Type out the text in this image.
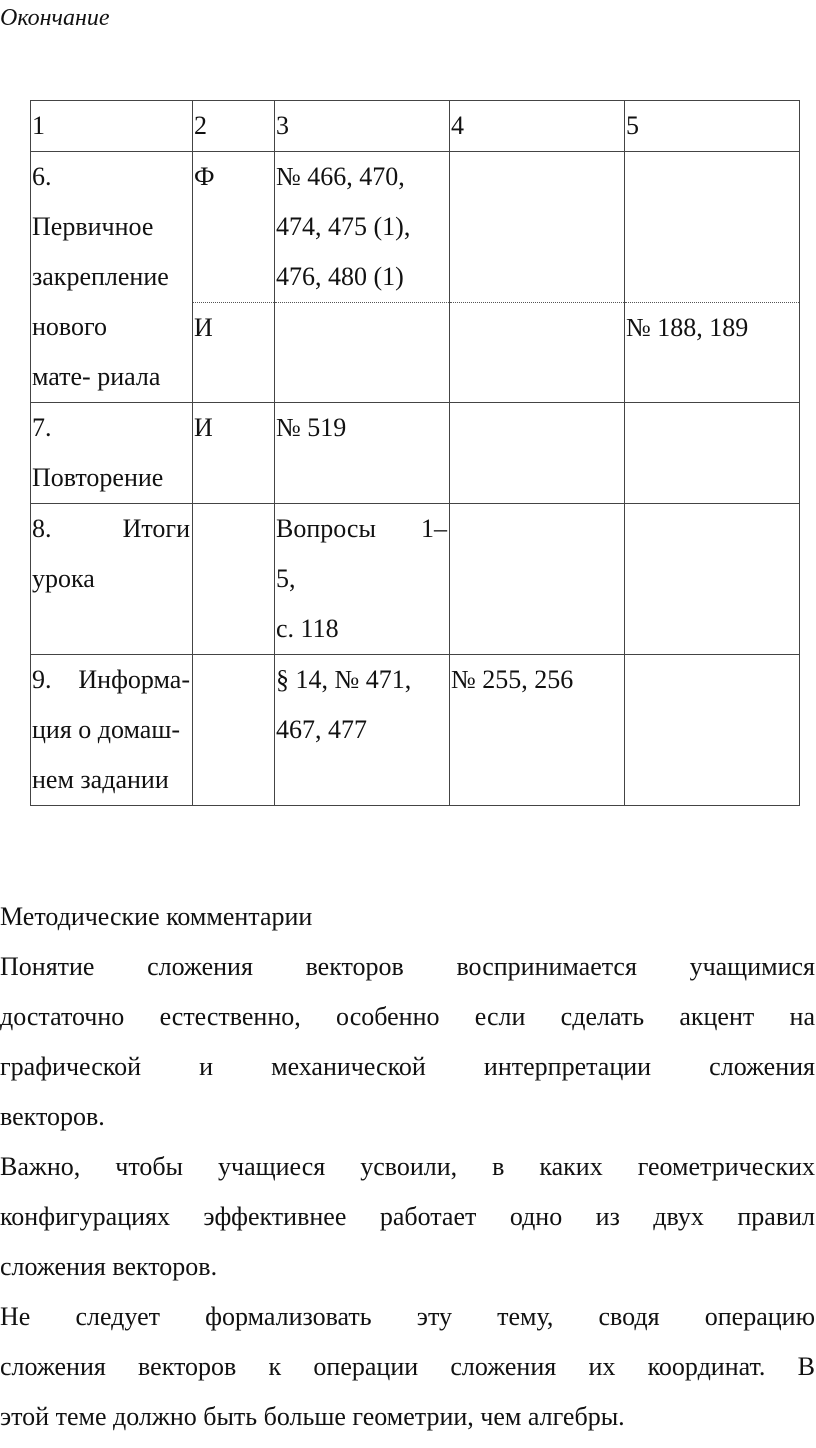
Окончание
1	2	3	4	5

6.
Первичное
закрепление
нового
мате- риала	Ф	№ 466, 470,
474, 475 (1),
476, 480 (1)		

	И			№ 188, 189

7.
Повторение	И	№ 519		

8. Итоги
урока		Вопросы 1–
5,
с. 118		

9. Информа-
ция о домаш-
нем задании		§ 14, № 471,
467, 477	№ 255, 256	
Методические комментарии
Понятие сложения векторов воспринимается учащимися
достаточно естественно, особенно если сделать акцент на
графической и механической интерпретации сложения
векторов.
Важно, чтобы учащиеся усвоили, в каких геометрических
конфигурациях эффективнее работает одно из двух правил
сложения векторов.
Не следует формализовать эту тему, сводя операцию
сложения векторов к операции сложения их координат. В
этой теме должно быть больше геометрии, чем алгебры.
